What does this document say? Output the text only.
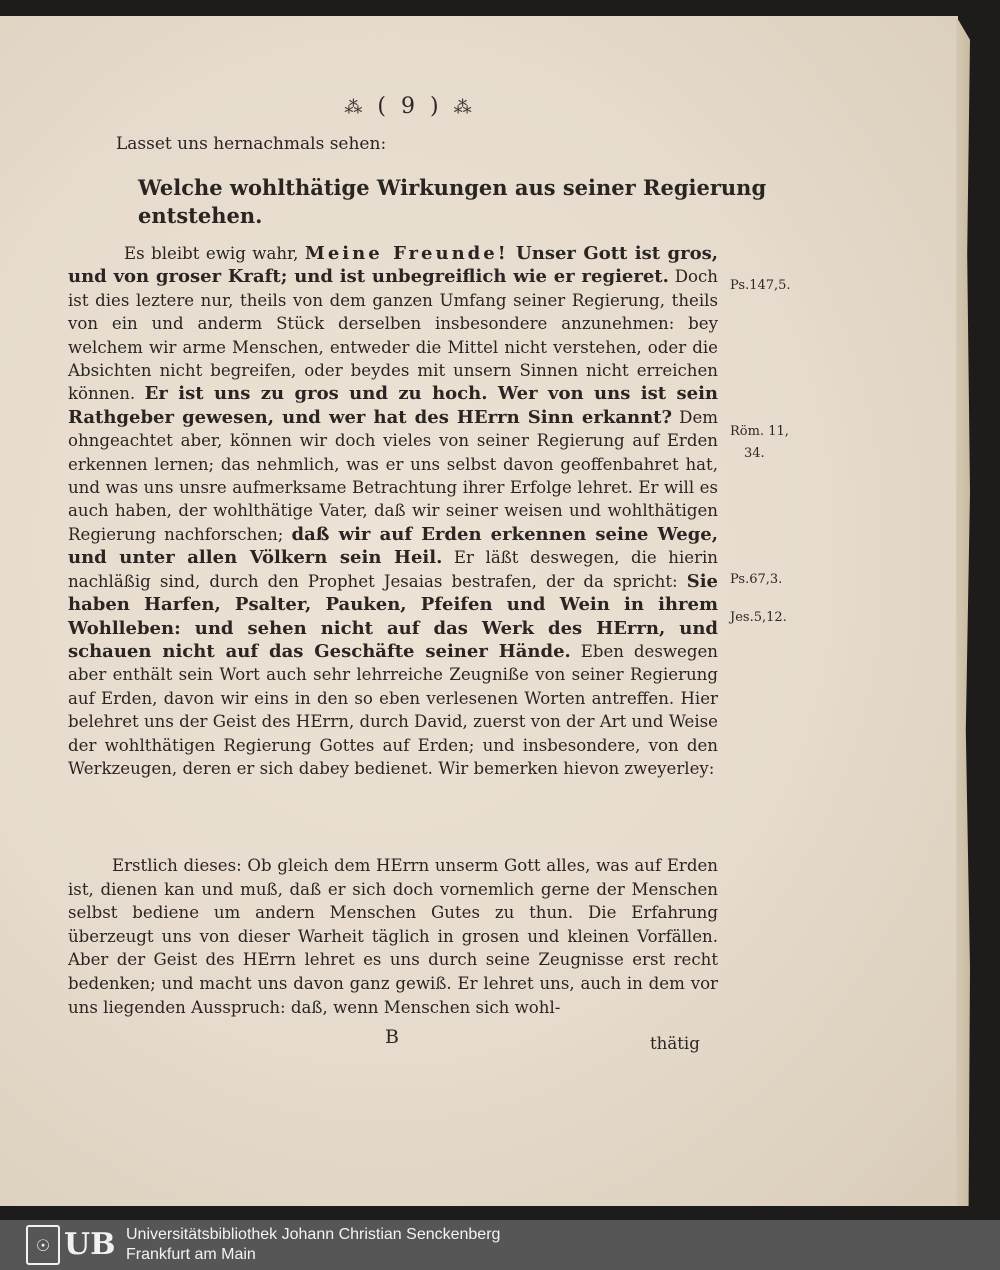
⁂ ( 9 ) ⁂
Lasset uns hernachmals sehen:
Welche wohlthätige Wirkungen aus seiner Regierung entstehen.
Es bleibt ewig wahr, Meine Freunde! Unser Gott ist gros, und von groser Kraft; und ist unbegreiflich wie er regieret. Doch ist dies leztere nur, theils von dem ganzen Umfang seiner Regierung, theils von ein und anderm Stück derselben insbesondere anzunehmen: bey welchem wir arme Menschen, entweder die Mittel nicht verstehen, oder die Absichten nicht begreifen, oder beydes mit unsern Sinnen nicht erreichen können. Er ist uns zu gros und zu hoch. Wer von uns ist sein Rathgeber gewesen, und wer hat des HErrn Sinn erkannt? Dem ohngeachtet aber, können wir doch vieles von seiner Regierung auf Erden erkennen lernen; das nehmlich, was er uns selbst davon geoffenbahret hat, und was uns unsre aufmerksame Betrachtung ihrer Erfolge lehret. Er will es auch haben, der wohlthätige Vater, daß wir seiner weisen und wohlthätigen Regierung nachforschen; daß wir auf Erden erkennen seine Wege, und unter allen Völkern sein Heil. Er läßt deswegen, die hierin nachläßig sind, durch den Prophet Jesaias bestrafen, der da spricht: Sie haben Harfen, Psalter, Pauken, Pfeifen und Wein in ihrem Wohlleben: und sehen nicht auf das Werk des HErrn, und schauen nicht auf das Geschäfte seiner Hände. Eben deswegen aber enthält sein Wort auch sehr lehrreiche Zeugniße von seiner Regierung auf Erden, davon wir eins in den so eben verlesenen Worten antreffen. Hier belehret uns der Geist des HErrn, durch David, zuerst von der Art und Weise der wohlthätigen Regierung Gottes auf Erden; und insbesondere, von den Werkzeugen, deren er sich dabey bedienet. Wir bemerken hievon zweyerley:
Erstlich dieses: Ob gleich dem HErrn unserm Gott alles, was auf Erden ist, dienen kan und muß, daß er sich doch vornemlich gerne der Menschen selbst bediene um andern Menschen Gutes zu thun. Die Erfahrung überzeugt uns von dieser Warheit täglich in grosen und kleinen Vorfällen. Aber der Geist des HErrn lehret es uns durch seine Zeugnisse erst recht bedenken; und macht uns davon ganz gewiß. Er lehret uns, auch in dem vor uns liegenden Ausspruch: daß, wenn Menschen sich wohl-
Ps.147,5.
Röm. 11,
34.
Ps.67,3.
Jes.5,12.
B	thätig
☉ UB Universitätsbibliothek Johann Christian Senckenberg
Frankfurt am Main
